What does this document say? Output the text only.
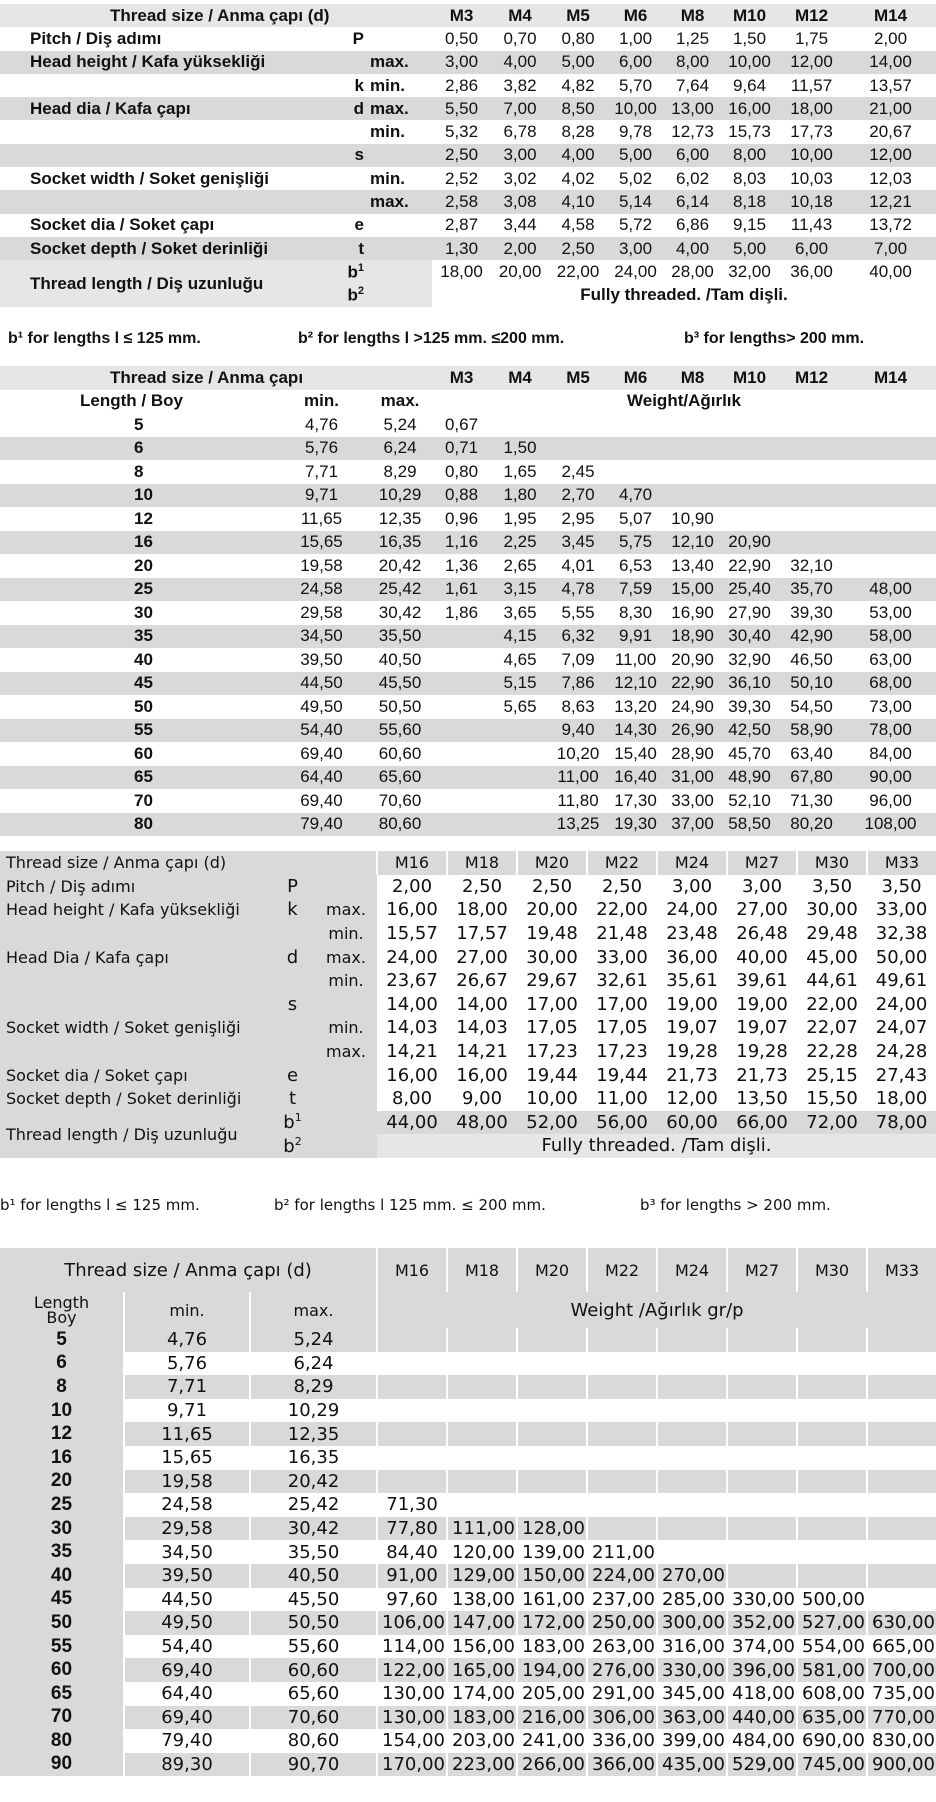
Thread size / Anma çapı (d)			M3	M4	M5	M6	M8	M10	M12	M14
Pitch / Diş adımı	P		0,50	0,70	0,80	1,00	1,25	1,50	1,75	2,00
Head height / Kafa yüksekliği		max.	3,00	4,00	5,00	6,00	8,00	10,00	12,00	14,00
	k	min.	2,86	3,82	4,82	5,70	7,64	9,64	11,57	13,57
Head dia / Kafa çapı	d	max.	5,50	7,00	8,50	10,00	13,00	16,00	18,00	21,00
		min.	5,32	6,78	8,28	9,78	12,73	15,73	17,73	20,67
	s		2,50	3,00	4,00	5,00	6,00	8,00	10,00	12,00
Socket width / Soket genişliği		min.	2,52	3,02	4,02	5,02	6,02	8,03	10,03	12,03
		max.	2,58	3,08	4,10	5,14	6,14	8,18	10,18	12,21
Socket dia / Soket çapı	e		2,87	3,44	4,58	5,72	6,86	9,15	11,43	13,72
Socket depth / Soket derinliği	t		1,30	2,00	2,50	3,00	4,00	5,00	6,00	7,00
Thread length / Diş uzunluğu	$b^1$		18,00	20,00	22,00	24,00	28,00	32,00	36,00	40,00
	$b^2$		Fully threaded. /Tam dişli.							
b¹ for lengths l ≤ 125 mm.	b² for lengths l >125 mm. ≤200 mm.	b³ for lengths> 200 mm.
Thread size / Anma çapı			M3	M4	M5	M6	M8	M10	M12	M14
Length / Boy	min.	max.	Weight/Ağırlık							
5	4,76	5,24	0,67							
6	5,76	6,24	0,71	1,50						
8	7,71	8,29	0,80	1,65	2,45					
10	9,71	10,29	0,88	1,80	2,70	4,70				
12	11,65	12,35	0,96	1,95	2,95	5,07	10,90			
16	15,65	16,35	1,16	2,25	3,45	5,75	12,10	20,90		
20	19,58	20,42	1,36	2,65	4,01	6,53	13,40	22,90	32,10	
25	24,58	25,42	1,61	3,15	4,78	7,59	15,00	25,40	35,70	48,00
30	29,58	30,42	1,86	3,65	5,55	8,30	16,90	27,90	39,30	53,00
35	34,50	35,50		4,15	6,32	9,91	18,90	30,40	42,90	58,00
40	39,50	40,50		4,65	7,09	11,00	20,90	32,90	46,50	63,00
45	44,50	45,50		5,15	7,86	12,10	22,90	36,10	50,10	68,00
50	49,50	50,50		5,65	8,63	13,20	24,90	39,30	54,50	73,00
55	54,40	55,60			9,40	14,30	26,90	42,50	58,90	78,00
60	69,40	60,60			10,20	15,40	28,90	45,70	63,40	84,00
65	64,40	65,60			11,00	16,40	31,00	48,90	67,80	90,00
70	69,40	70,60			11,80	17,30	33,00	52,10	71,30	96,00
80	79,40	80,60			13,25	19,30	37,00	58,50	80,20	108,00
Thread size / Anma çapı (d)			M16	M18	M20	M22	M24	M27	M30	M33
Pitch / Diş adımı	P		2,00	2,50	2,50	2,50	3,00	3,00	3,50	3,50
Head height / Kafa yüksekliği	k	max.	16,00	18,00	20,00	22,00	24,00	27,00	30,00	33,00
		min.	15,57	17,57	19,48	21,48	23,48	26,48	29,48	32,38
Head Dia / Kafa çapı	d	max.	24,00	27,00	30,00	33,00	36,00	40,00	45,00	50,00
		min.	23,67	26,67	29,67	32,61	35,61	39,61	44,61	49,61
	s		14,00	14,00	17,00	17,00	19,00	19,00	22,00	24,00
Socket width / Soket genişliği		min.	14,03	14,03	17,05	17,05	19,07	19,07	22,07	24,07
		max.	14,21	14,21	17,23	17,23	19,28	19,28	22,28	24,28
Socket dia / Soket çapı	e		16,00	16,00	19,44	19,44	21,73	21,73	25,15	27,43
Socket depth / Soket derinliği	t		8,00	9,00	10,00	11,00	12,00	13,50	15,50	18,00
Thread length / Diş uzunluğu	$b^1$		44,00	48,00	52,00	56,00	60,00	66,00	72,00	78,00
	$b^2$		Fully threaded. /Tam dişli.							
b¹ for lengths l ≤ 125 mm.	b² for lengths l 125 mm. ≤ 200 mm.	b³ for lengths > 200 mm.
Thread size / Anma çapı (d)			M16	M18	M20	M22	M24	M27	M30	M33

Length
Boy	min.	max.	Weight /Ağırlık gr/p							
5	4,76	5,24								
6	5,76	6,24								
8	7,71	8,29								
10	9,71	10,29								
12	11,65	12,35								
16	15,65	16,35								
20	19,58	20,42								
25	24,58	25,42	71,30							
30	29,58	30,42	77,80	111,00	128,00					
35	34,50	35,50	84,40	120,00	139,00	211,00				
40	39,50	40,50	91,00	129,00	150,00	224,00	270,00			
45	44,50	45,50	97,60	138,00	161,00	237,00	285,00	330,00	500,00	
50	49,50	50,50	106,00	147,00	172,00	250,00	300,00	352,00	527,00	630,00
55	54,40	55,60	114,00	156,00	183,00	263,00	316,00	374,00	554,00	665,00
60	69,40	60,60	122,00	165,00	194,00	276,00	330,00	396,00	581,00	700,00
65	64,40	65,60	130,00	174,00	205,00	291,00	345,00	418,00	608,00	735,00
70	69,40	70,60	130,00	183,00	216,00	306,00	363,00	440,00	635,00	770,00
80	79,40	80,60	154,00	203,00	241,00	336,00	399,00	484,00	690,00	830,00
90	89,30	90,70	170,00	223,00	266,00	366,00	435,00	529,00	745,00	900,00
